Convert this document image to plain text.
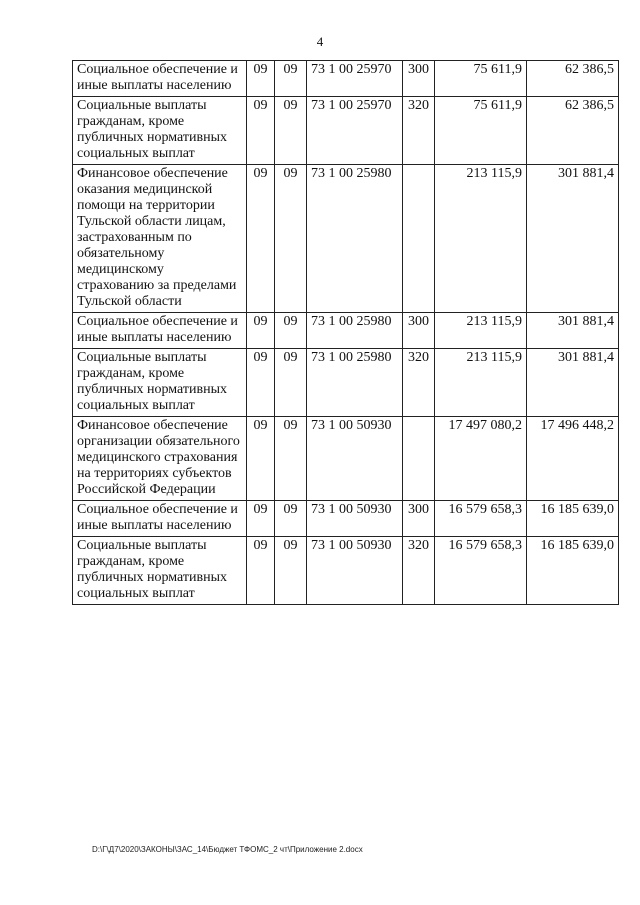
4
Социальное обеспечение и иные выплаты населению	09	09	73 1 00 25970	300	75 611,9	62 386,5
Социальные выплаты гражданам, кроме публичных нормативных социальных выплат	09	09	73 1 00 25970	320	75 611,9	62 386,5
Финансовое обеспечение оказания медицинской помощи на территории Тульской области лицам, застрахованным по обязательному медицинскому страхованию за пределами Тульской области	09	09	73 1 00 25980		213 115,9	301 881,4
Социальное обеспечение и иные выплаты населению	09	09	73 1 00 25980	300	213 115,9	301 881,4
Социальные выплаты гражданам, кроме публичных нормативных социальных выплат	09	09	73 1 00 25980	320	213 115,9	301 881,4
Финансовое обеспечение организации обязательного медицинского страхования на территориях субъектов Российской Федерации	09	09	73 1 00 50930		17 497 080,2	17 496 448,2
Социальное обеспечение и иные выплаты населению	09	09	73 1 00 50930	300	16 579 658,3	16 185 639,0
Социальные выплаты гражданам, кроме публичных нормативных социальных выплат	09	09	73 1 00 50930	320	16 579 658,3	16 185 639,0
D:\Г\Д7\2020\ЗАКОНЫ\ЗАС_14\Бюджет ТФОМС_2 чт\Приложение 2.docx
